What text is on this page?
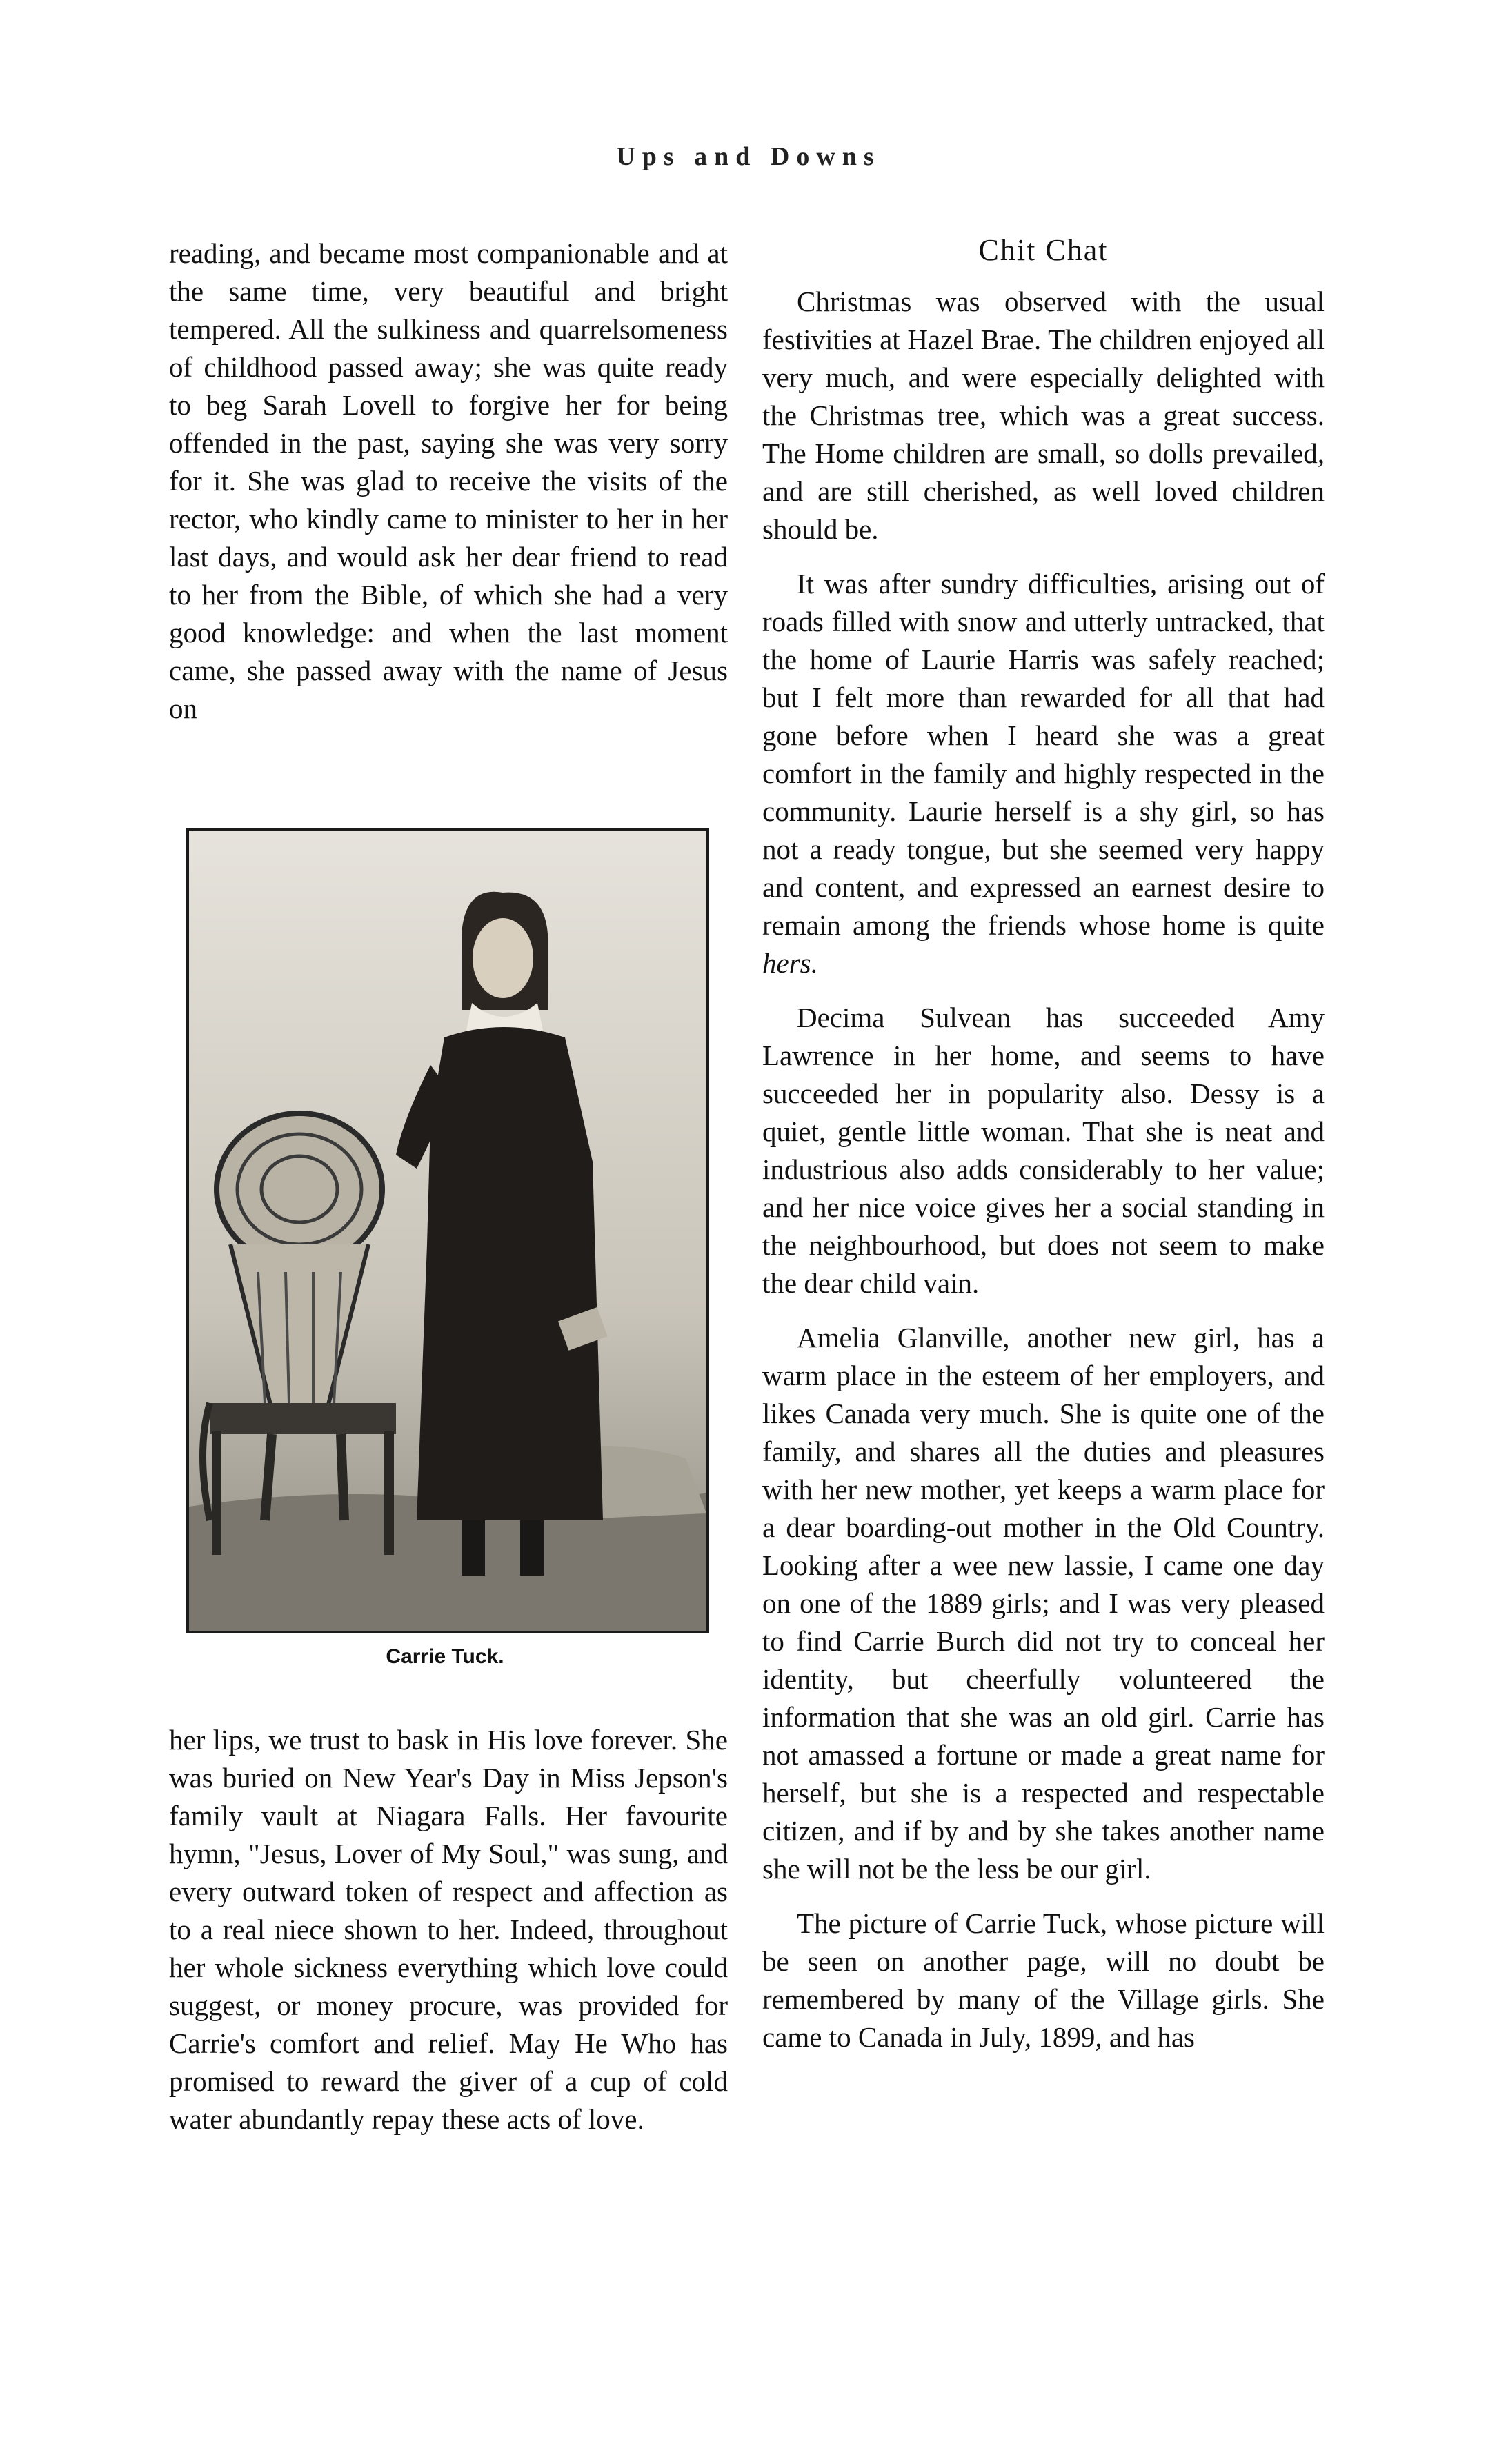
Ups and Downs

reading, and became most companionable and at the same time, very beautiful and bright tempered. All the sulkiness and quarrelsomeness of childhood passed away; she was quite ready to beg Sarah Lovell to forgive her for being offended in the past, saying she was very sorry for it. She was glad to receive the visits of the rector, who kindly came to minister to her in her last days, and would ask her dear friend to read to her from the Bible, of which she had a very good knowledge: and when the last moment came, she passed away with the name of Jesus on

Carrie Tuck.

her lips, we trust to bask in His love forever. She was buried on New Year's Day in Miss Jepson's family vault at Niagara Falls. Her favourite hymn, "Jesus, Lover of My Soul," was sung, and every outward token of respect and affection as to a real niece shown to her. Indeed, throughout her whole sickness everything which love could suggest, or money procure, was provided for Carrie's comfort and relief. May He Who has promised to reward the giver of a cup of cold water abundantly repay these acts of love.

Chit Chat

Christmas was observed with the usual festivities at Hazel Brae. The children enjoyed all very much, and were especially delighted with the Christmas tree, which was a great success. The Home children are small, so dolls prevailed, and are still cherished, as well loved children should be.

It was after sundry difficulties, arising out of roads filled with snow and utterly untracked, that the home of Laurie Harris was safely reached; but I felt more than rewarded for all that had gone before when I heard she was a great comfort in the family and highly respected in the community. Laurie herself is a shy girl, so has not a ready tongue, but she seemed very happy and content, and expressed an earnest desire to remain among the friends whose home is quite hers.

Decima Sulvean has succeeded Amy Lawrence in her home, and seems to have succeeded her in popularity also. Dessy is a quiet, gentle little woman. That she is neat and industrious also adds considerably to her value; and her nice voice gives her a social standing in the neighbourhood, but does not seem to make the dear child vain.

Amelia Glanville, another new girl, has a warm place in the esteem of her employers, and likes Canada very much. She is quite one of the family, and shares all the duties and pleasures with her new mother, yet keeps a warm place for a dear boarding-out mother in the Old Country. Looking after a wee new lassie, I came one day on one of the 1889 girls; and I was very pleased to find Carrie Burch did not try to conceal her identity, but cheerfully volunteered the information that she was an old girl. Carrie has not amassed a fortune or made a great name for herself, but she is a respected and respectable citizen, and if by and by she takes another name she will not be the less be our girl.

The picture of Carrie Tuck, whose picture will be seen on another page, will no doubt be remembered by many of the Village girls. She came to Canada in July, 1899, and has
